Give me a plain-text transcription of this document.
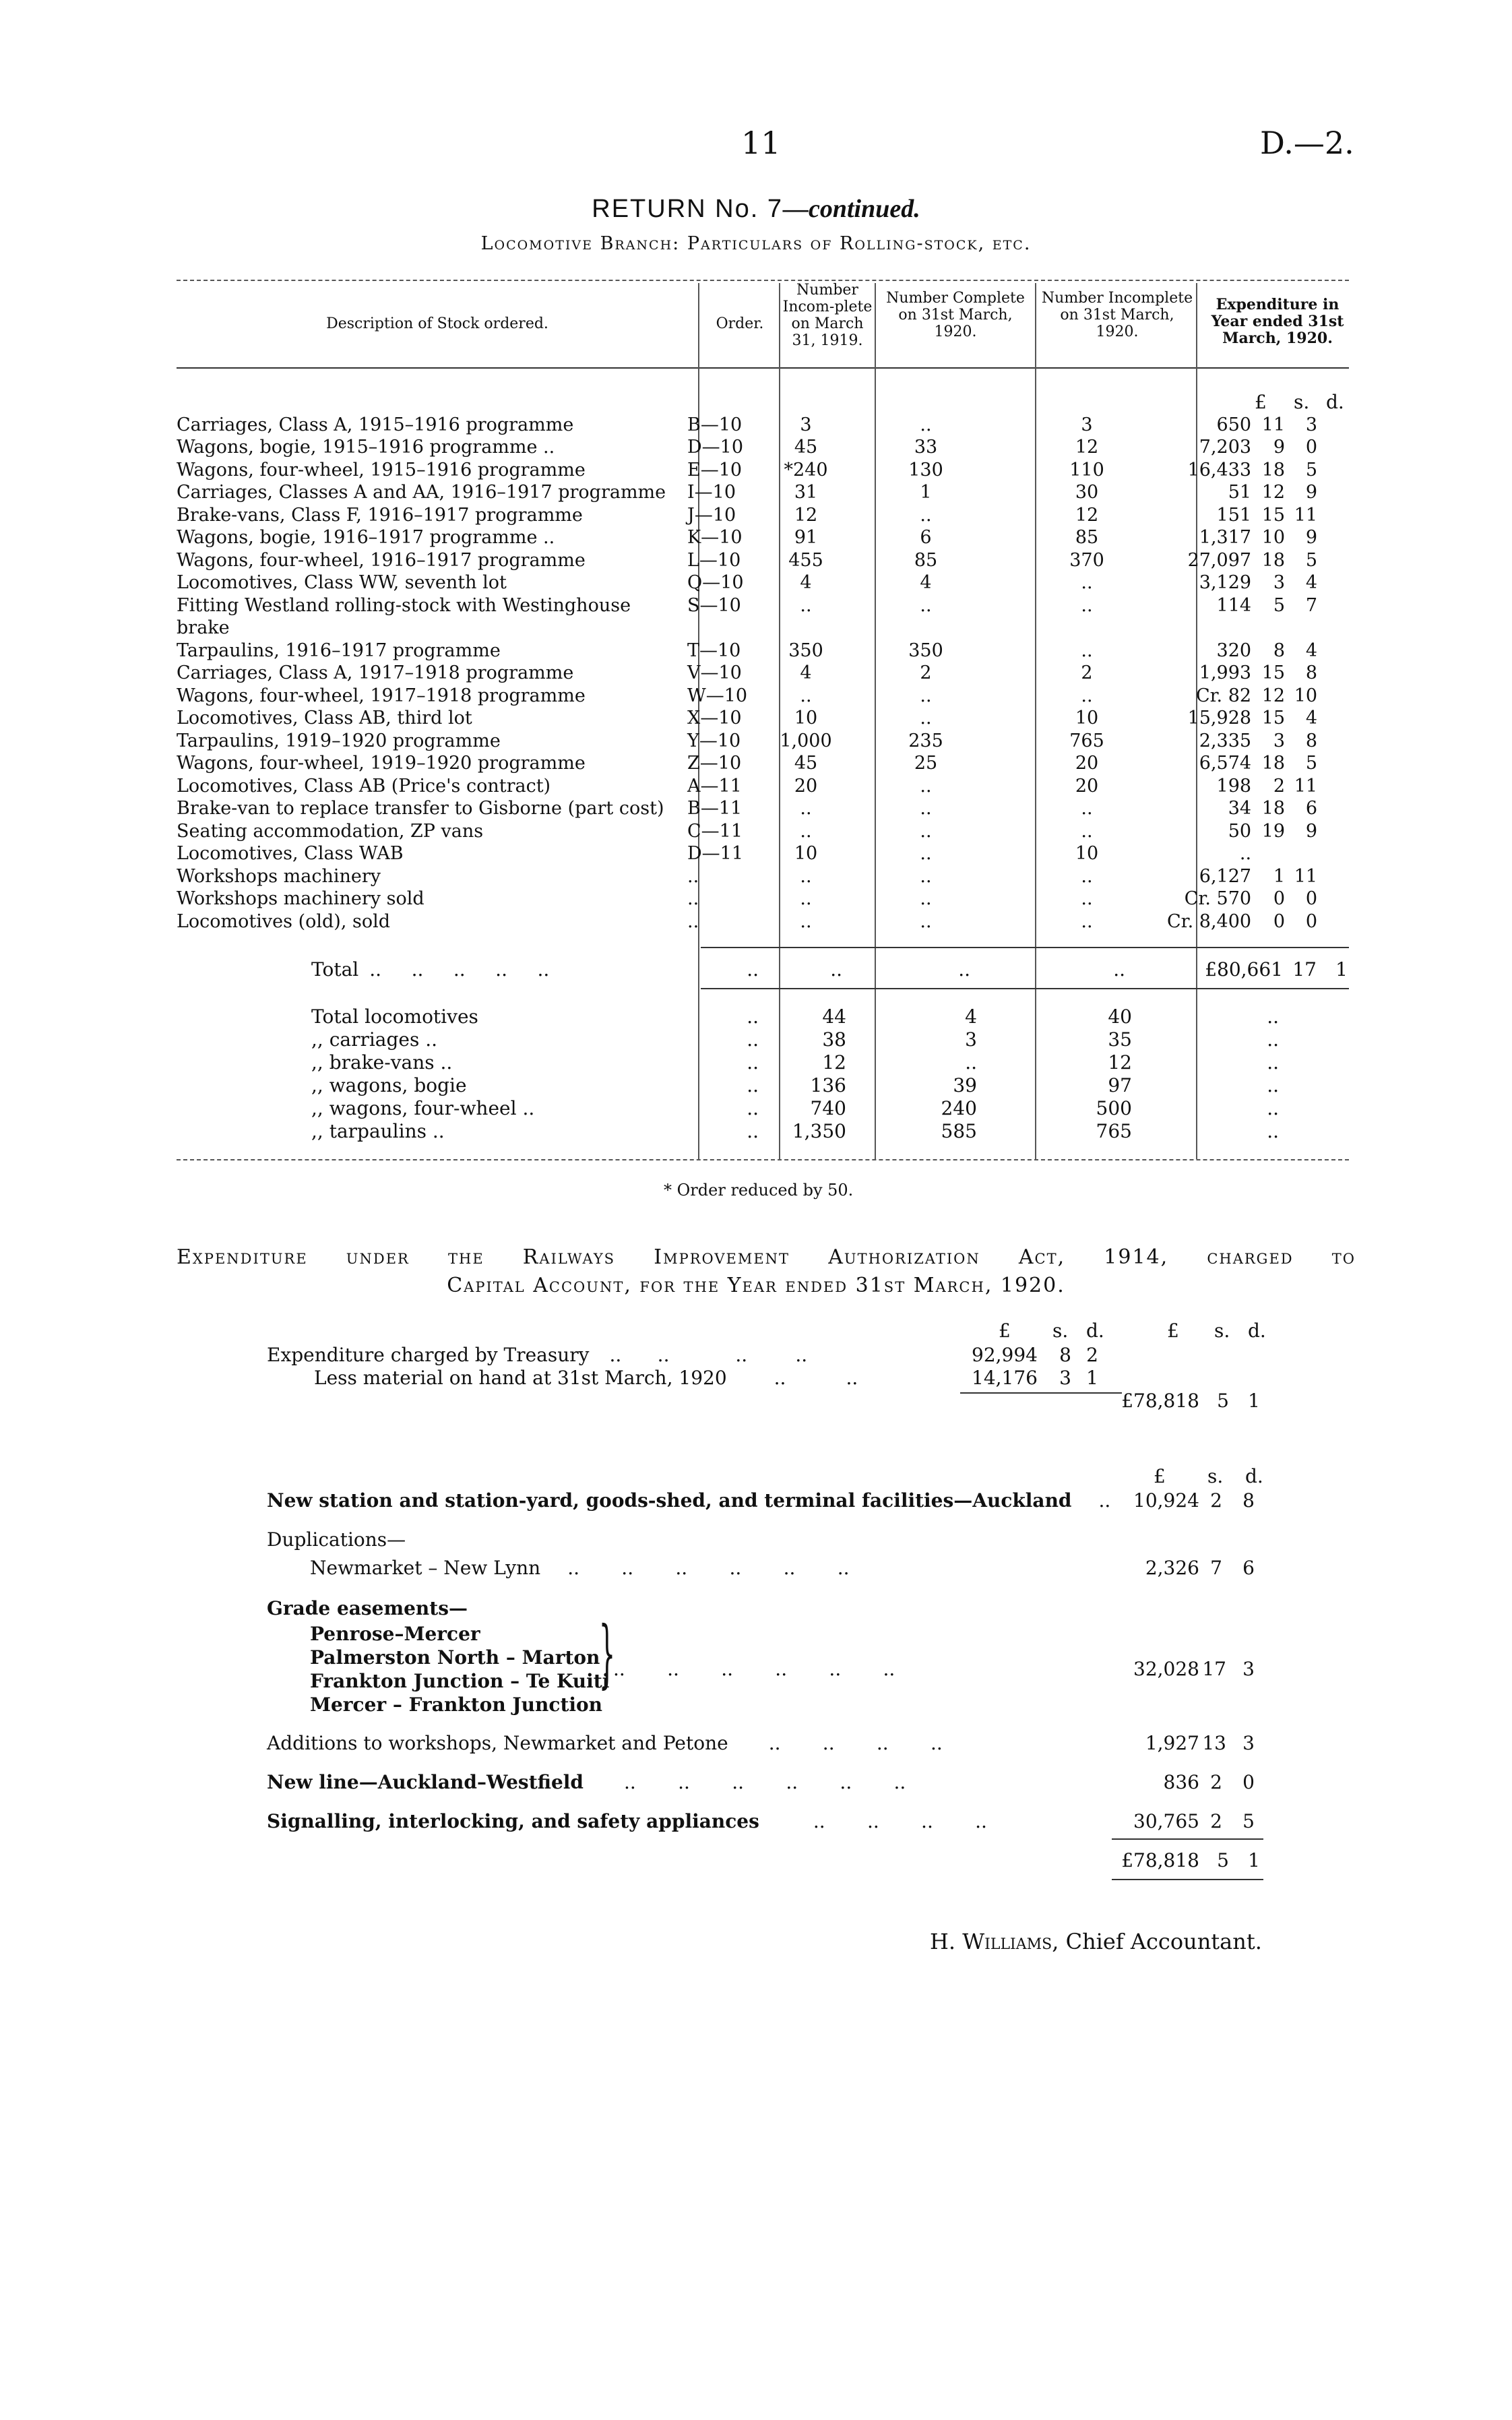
11	D.—2.
RETURN No. 7—continued.
Locomotive Branch: Particulars of Rolling-stock, etc.
Description of Stock ordered.	Order.
Number Incom-plete on March 31, 1919.
Number Complete on 31st March, 1920.
Number Incomplete on 31st March, 1920.
Expenditure in Year ended 31st March, 1920.
£ s. d.
Carriages, Class A, 1915–1916 programme	B—10	3	..	3	650	11	3
Wagons, bogie, 1915–1916 programme ..	D—10	45	33	12	7,203	9	0
Wagons, four-wheel, 1915–1916 programme	E—10	*240	130	110	16,433	18	5
Carriages, Classes A and AA, 1916–1917 programme	I—10	31	1	30	51	12	9
Brake-vans, Class F, 1916–1917 programme	J—10	12	..	12	151	15	11
Wagons, bogie, 1916–1917 programme ..	K—10	91	6	85	1,317	10	9
Wagons, four-wheel, 1916–1917 programme	L—10	455	85	370	27,097	18	5
Locomotives, Class WW, seventh lot	Q—10	4	4	..	3,129	3	4
Fitting Westland rolling-stock with Westinghouse	S—10	..	..	..	114	5	7
brake							
Tarpaulins, 1916–1917 programme	T—10	350	350	..	320	8	4
Carriages, Class A, 1917–1918 programme	V—10	4	2	2	1,993	15	8
Wagons, four-wheel, 1917–1918 programme	W—10	..	..	..	Cr. 82	12	10
Locomotives, Class AB, third lot	X—10	10	..	10	15,928	15	4
Tarpaulins, 1919–1920 programme	Y—10	1,000	235	765	2,335	3	8
Wagons, four-wheel, 1919–1920 programme	Z—10	45	25	20	6,574	18	5
Locomotives, Class AB (Price's contract)	A—11	20	..	20	198	2	11
Brake-van to replace transfer to Gisborne (part cost)	B—11	..	..	..	34	18	6
Seating accommodation, ZP vans	C—11	..	..	..	50	19	9
Locomotives, Class WAB	D—11	10	..	10	..		
Workshops machinery	..	..	..	..	6,127	1	11
Workshops machinery sold	..	..	..	..	Cr. 570	0	0
Locomotives (old), sold	..	..	..	..	Cr. 8,400	0	0
Total ..     ..     ..     ..     ..	..	..	..	..	£80,661 17	1
Total locomotives	..	44	4	40	..
,, carriages ..	..	38	3	35	..
,, brake-vans ..	..	12	..	12	..
,, wagons, bogie	..	136	39	97	..
,, wagons, four-wheel ..	..	740	240	500	..
,, tarpaulins ..	..	1,350	585	765	..
* Order reduced by 50.
Expenditure under the Railways Improvement Authorization Act, 1914, charged to
Capital Account, for the Year ended 31st March, 1920.
£ s. d.	£ s. d.
Expenditure charged by Treasury ..      ..           ..        ..	92,994	8 2
Less material on hand at 31st March, 1920	..          ..	14,176	3 1
£78,818 5	1
£ s. d.
New station and station-yard, goods-shed, and terminal facilities—Auckland ..	10,924 2	8
Duplications—
Newmarket – New Lynn ..       ..       ..       ..       ..       ..	2,326 7	6
Grade easements—
Penrose–Mercer
Palmerston North – Marton
Frankton Junction – Te Kuiti
Mercer – Frankton Junction
}
..       ..       ..       ..       ..       ..	32,028 17 3
Additions to workshops, Newmarket and Petone ..       ..       ..       ..	1,927 13 3
New line—Auckland–Westfield ..       ..       ..       ..       ..       ..	836 2	0
Signalling, interlocking, and safety appliances	..       ..       ..       ..	30,765 2	5
£78,818 5	1
H. Williams, Chief Accountant.
